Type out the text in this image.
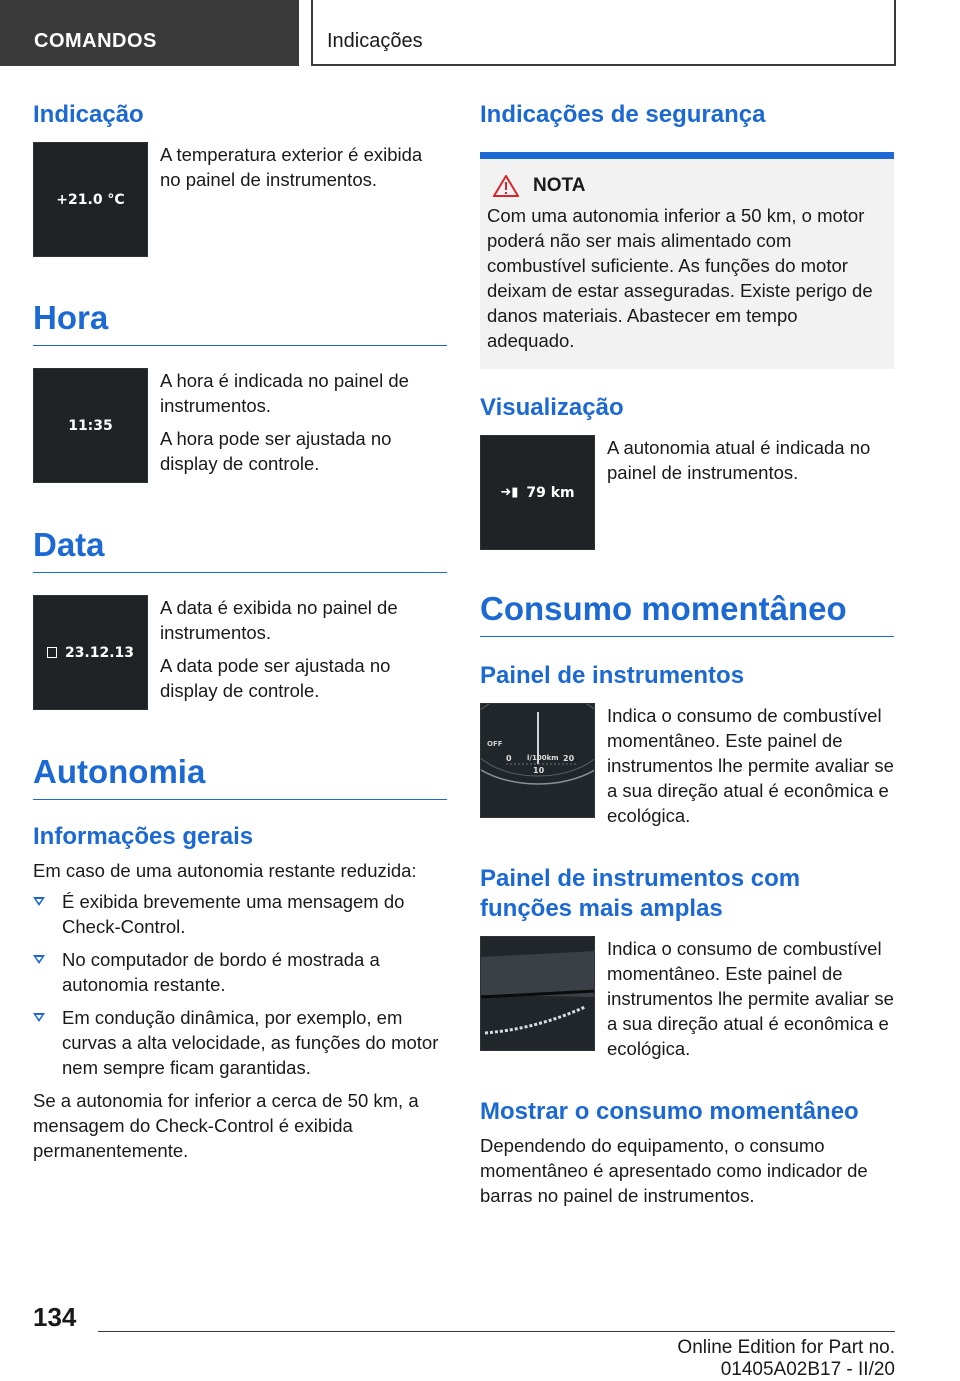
COMANDOS	Indicações
Indicação
+21.0 °C

A temperatura exterior é exibida no painel de instrumentos.

Hora
11:35

A hora é indicada no painel de instrumentos.

A hora pode ser ajustada no display de controle.

Data
23.12.13

A data é exibida no painel de instrumentos.

A data pode ser ajustada no display de controle.

Autonomia
Informações gerais

Em caso de uma autonomia restante reduzida:

É exibida brevemente uma mensagem do Check-Control.
No computador de bordo é mostrada a autonomia restante.
Em condução dinâmica, por exemplo, em curvas a alta velocidade, as funções do motor nem sempre ficam garantidas.

Se a autonomia for inferior a cerca de 50 km, a mensagem do Check-Control é exibida permanentemente.

Indicações de segurança
NOTA

Com uma autonomia inferior a 50 km, o motor poderá não ser mais alimentado com combustível suficiente. As funções do motor deixam de estar asseguradas. Existe perigo de danos materiais. Abastecer em tempo adequado.

Visualização
➜▮ 79 km

A autonomia atual é indicada no painel de instrumentos.

Consumo momentâneo
Painel de instrumentos
OFF
0 l/100km 20
10

Indica o consumo de combustível momentâneo. Este painel de instrumentos lhe permite avaliar se a sua direção atual é econômica e ecológica.

Painel de instrumentos com funções mais amplas

Indica o consumo de combustível momentâneo. Este painel de instrumentos lhe permite avaliar se a sua direção atual é econômica e ecológica.

Mostrar o consumo momentâneo

Dependendo do equipamento, o consumo momentâneo é apresentado como indicador de barras no painel de instrumentos.

134
Online Edition for Part no. 01405A02B17 - II/20
